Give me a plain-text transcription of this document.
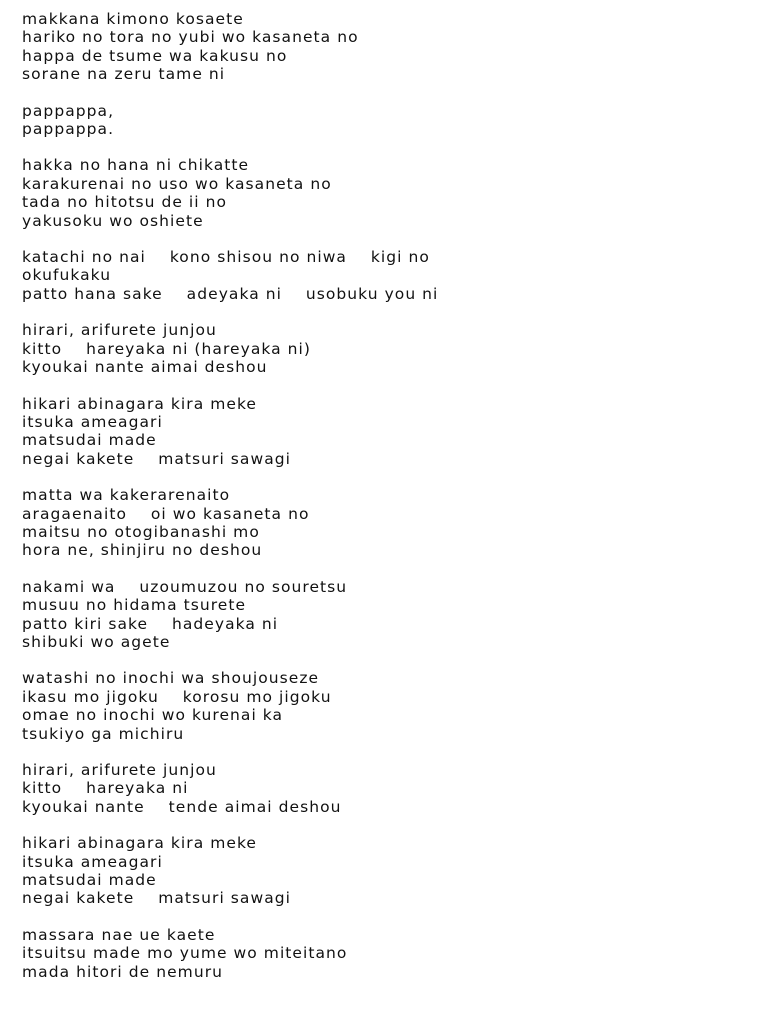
makkana kimono kosaete
hariko no tora no yubi wo kasaneta no
happa de tsume wa kakusu no
sorane na zeru tame ni
pappappa,
pappappa.
hakka no hana ni chikatte
karakurenai no uso wo kasaneta no
tada no hitotsu de ii no
yakusoku wo oshiete
katachi no nai    kono shisou no niwa    kigi no
okufukaku
patto hana sake    adeyaka ni    usobuku you ni
hirari, arifurete junjou
kitto    hareyaka ni (hareyaka ni)
kyoukai nante aimai deshou
hikari abinagara kira meke
itsuka ameagari
matsudai made
negai kakete    matsuri sawagi
matta wa kakerarenaito
aragaenaito    oi wo kasaneta no
maitsu no otogibanashi mo
hora ne, shinjiru no deshou
nakami wa    uzoumuzou no souretsu
musuu no hidama tsurete
patto kiri sake    hadeyaka ni
shibuki wo agete
watashi no inochi wa shoujouseze
ikasu mo jigoku    korosu mo jigoku
omae no inochi wo kurenai ka
tsukiyo ga michiru
hirari, arifurete junjou
kitto    hareyaka ni
kyoukai nante    tende aimai deshou
hikari abinagara kira meke
itsuka ameagari
matsudai made
negai kakete    matsuri sawagi
massara nae ue kaete
itsuitsu made mo yume wo miteitano
mada hitori de nemuru
